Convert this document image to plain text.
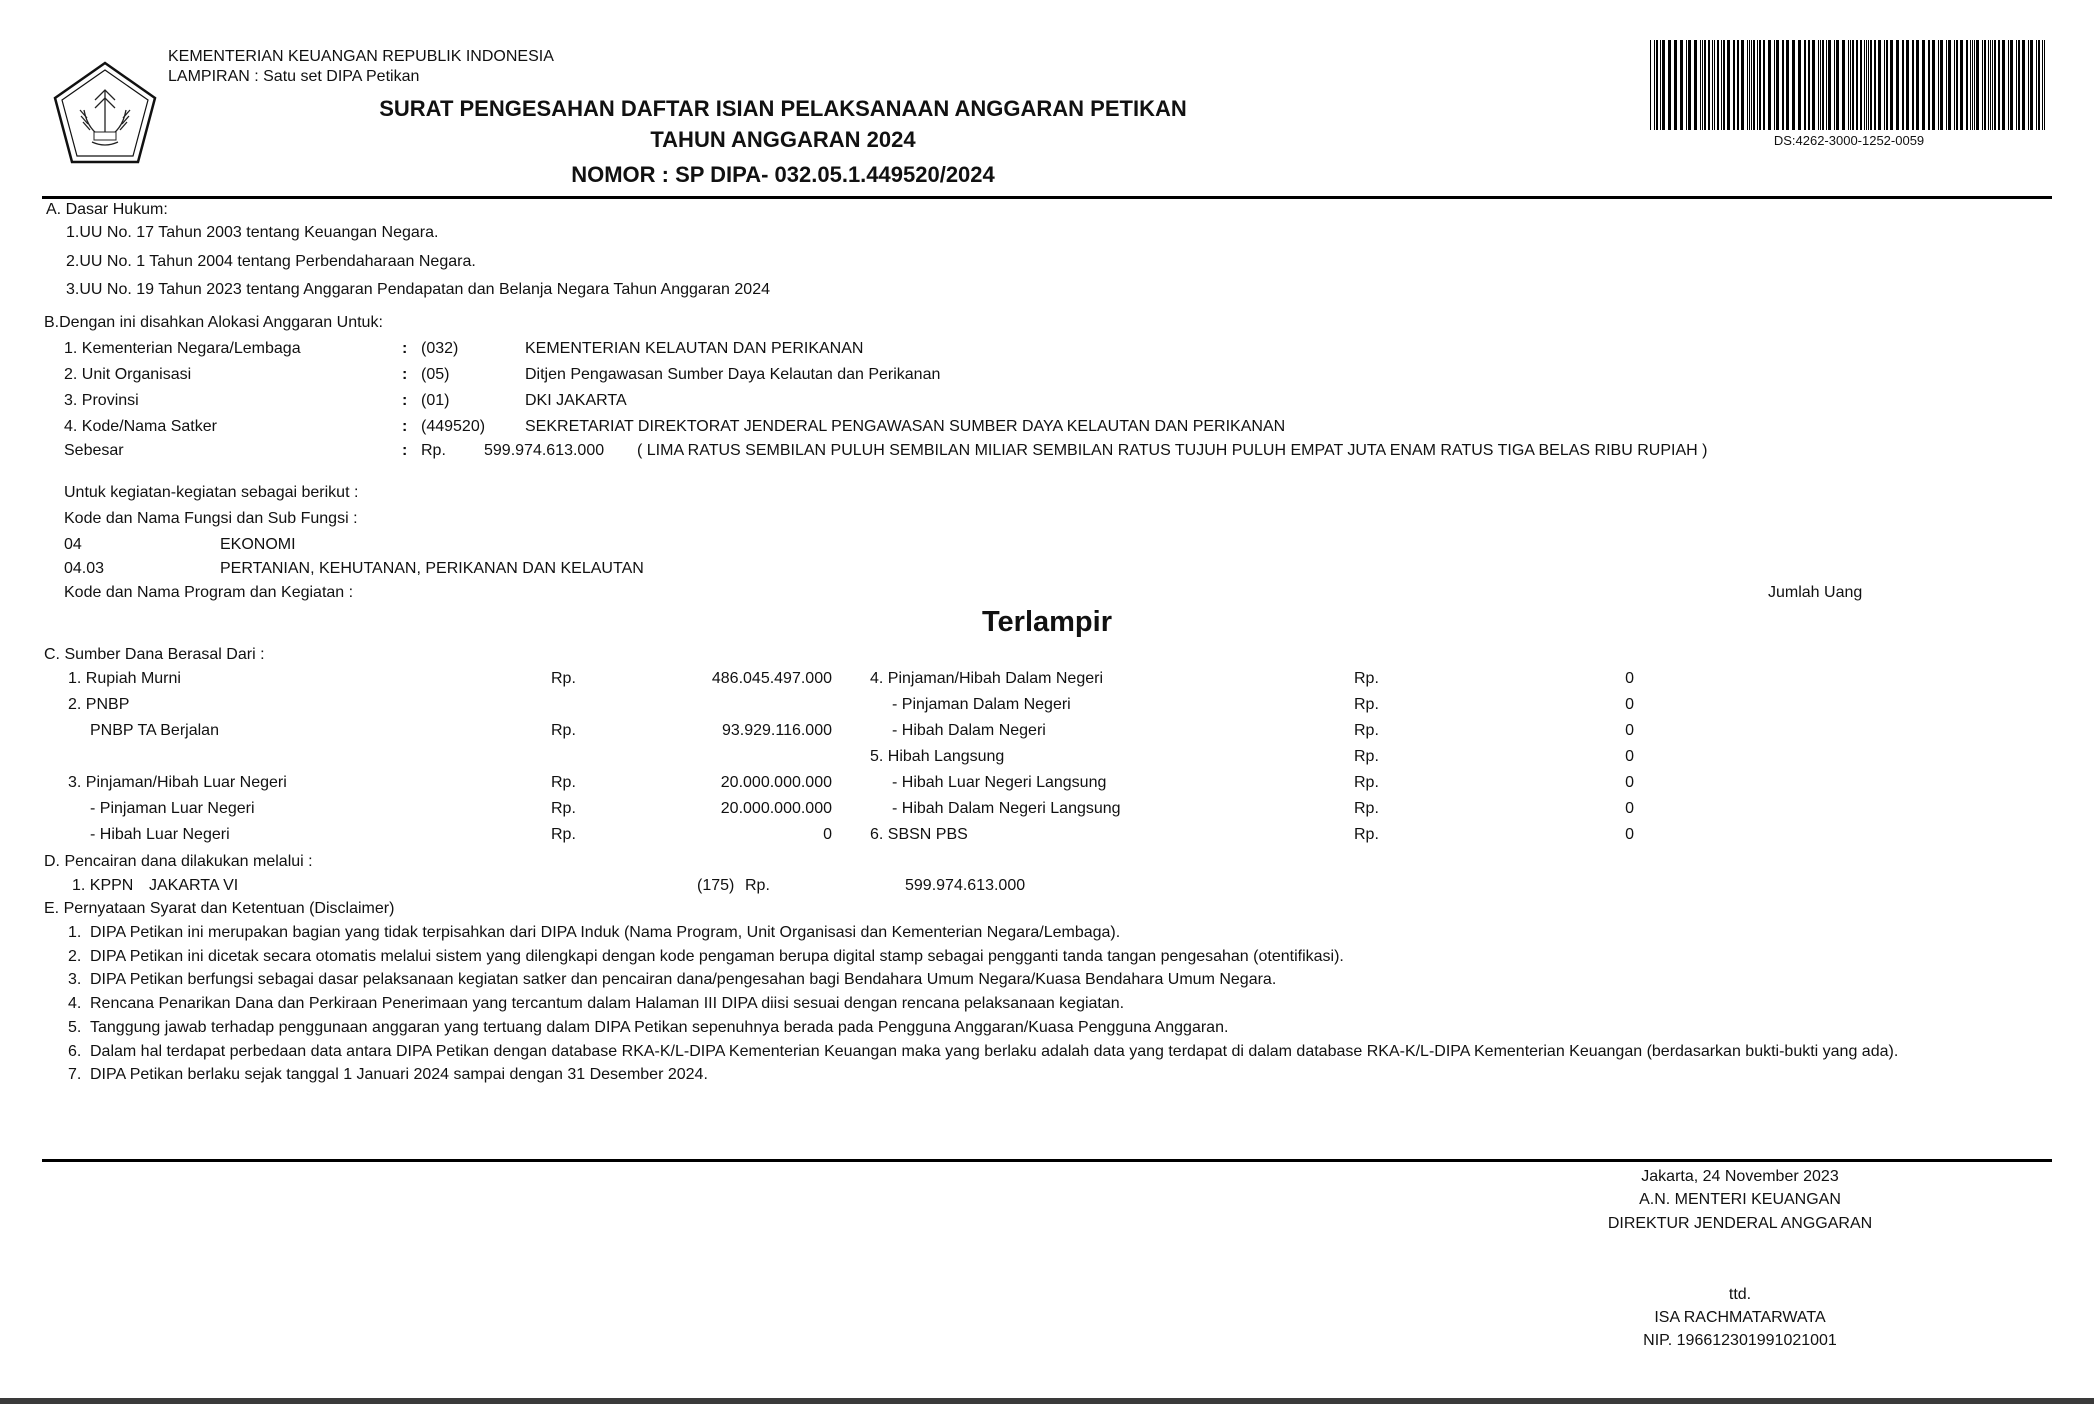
KEMENTERIAN KEUANGAN REPUBLIK INDONESIA
LAMPIRAN : Satu set DIPA Petikan
SURAT PENGESAHAN DAFTAR ISIAN PELAKSANAAN ANGGARAN PETIKAN
TAHUN ANGGARAN 2024
NOMOR : SP DIPA- 032.05.1.449520/2024
DS:4262-3000-1252-0059
A. Dasar Hukum:
1.UU No. 17 Tahun 2003 tentang Keuangan Negara.
2.UU No. 1 Tahun 2004 tentang Perbendaharaan Negara.
3.UU No. 19 Tahun 2023 tentang Anggaran Pendapatan dan Belanja Negara Tahun Anggaran 2024
B.Dengan ini disahkan Alokasi Anggaran Untuk:
1. Kementerian Negara/Lembaga	: (032)	KEMENTERIAN KELAUTAN DAN PERIKANAN
2. Unit Organisasi	: (05)	Ditjen Pengawasan Sumber Daya Kelautan dan Perikanan
3. Provinsi	: (01)	DKI JAKARTA
4. Kode/Nama Satker	: (449520) SEKRETARIAT DIREKTORAT JENDERAL PENGAWASAN SUMBER DAYA KELAUTAN DAN PERIKANAN
Sebesar	: Rp. 599.974.613.000 ( LIMA RATUS SEMBILAN PULUH SEMBILAN MILIAR SEMBILAN RATUS TUJUH PULUH EMPAT JUTA ENAM RATUS TIGA BELAS RIBU RUPIAH )
Untuk kegiatan-kegiatan sebagai berikut :
Kode dan Nama Fungsi dan Sub Fungsi :
04	EKONOMI
04.03	PERTANIAN, KEHUTANAN, PERIKANAN DAN KELAUTAN
Kode dan Nama Program dan Kegiatan :	Jumlah Uang
Terlampir
C. Sumber Dana Berasal Dari :
1. Rupiah Murni	Rp.	486.045.497.000
2. PNBP
PNBP TA Berjalan	Rp.	93.929.116.000
3. Pinjaman/Hibah Luar Negeri	Rp.	20.000.000.000
- Pinjaman Luar Negeri	Rp.	20.000.000.000
- Hibah Luar Negeri	Rp.	0
4. Pinjaman/Hibah Dalam Negeri	Rp.	0
- Pinjaman Dalam Negeri	Rp.	0
- Hibah Dalam Negeri	Rp.	0
5. Hibah Langsung	Rp.	0
- Hibah Luar Negeri Langsung	Rp.	0
- Hibah Dalam Negeri Langsung	Rp.	0
6. SBSN PBS	Rp.	0
D. Pencairan dana dilakukan melalui :
1. KPPN JAKARTA VI	(175) Rp.	599.974.613.000
E. Pernyataan Syarat dan Ketentuan (Disclaimer)
1. DIPA Petikan ini merupakan bagian yang tidak terpisahkan dari DIPA Induk (Nama Program, Unit Organisasi dan Kementerian Negara/Lembaga).
2. DIPA Petikan ini dicetak secara otomatis melalui sistem yang dilengkapi dengan kode pengaman berupa digital stamp sebagai pengganti tanda tangan pengesahan (otentifikasi).
3. DIPA Petikan berfungsi sebagai dasar pelaksanaan kegiatan satker dan pencairan dana/pengesahan bagi Bendahara Umum Negara/Kuasa Bendahara Umum Negara.
4. Rencana Penarikan Dana dan Perkiraan Penerimaan yang tercantum dalam Halaman III DIPA diisi sesuai dengan rencana pelaksanaan kegiatan.
5. Tanggung jawab terhadap penggunaan anggaran yang tertuang dalam DIPA Petikan sepenuhnya berada pada Pengguna Anggaran/Kuasa Pengguna Anggaran.
6. Dalam hal terdapat perbedaan data antara DIPA Petikan dengan database RKA-K/L-DIPA Kementerian Keuangan maka yang berlaku adalah data yang terdapat di dalam database RKA-K/L-DIPA Kementerian Keuangan (berdasarkan bukti-bukti yang ada).
7. DIPA Petikan berlaku sejak tanggal 1 Januari 2024 sampai dengan 31 Desember 2024.
Jakarta, 24 November 2023
A.N. MENTERI KEUANGAN
DIREKTUR JENDERAL ANGGARAN
ttd.
ISA RACHMATARWATA
NIP. 196612301991021001
